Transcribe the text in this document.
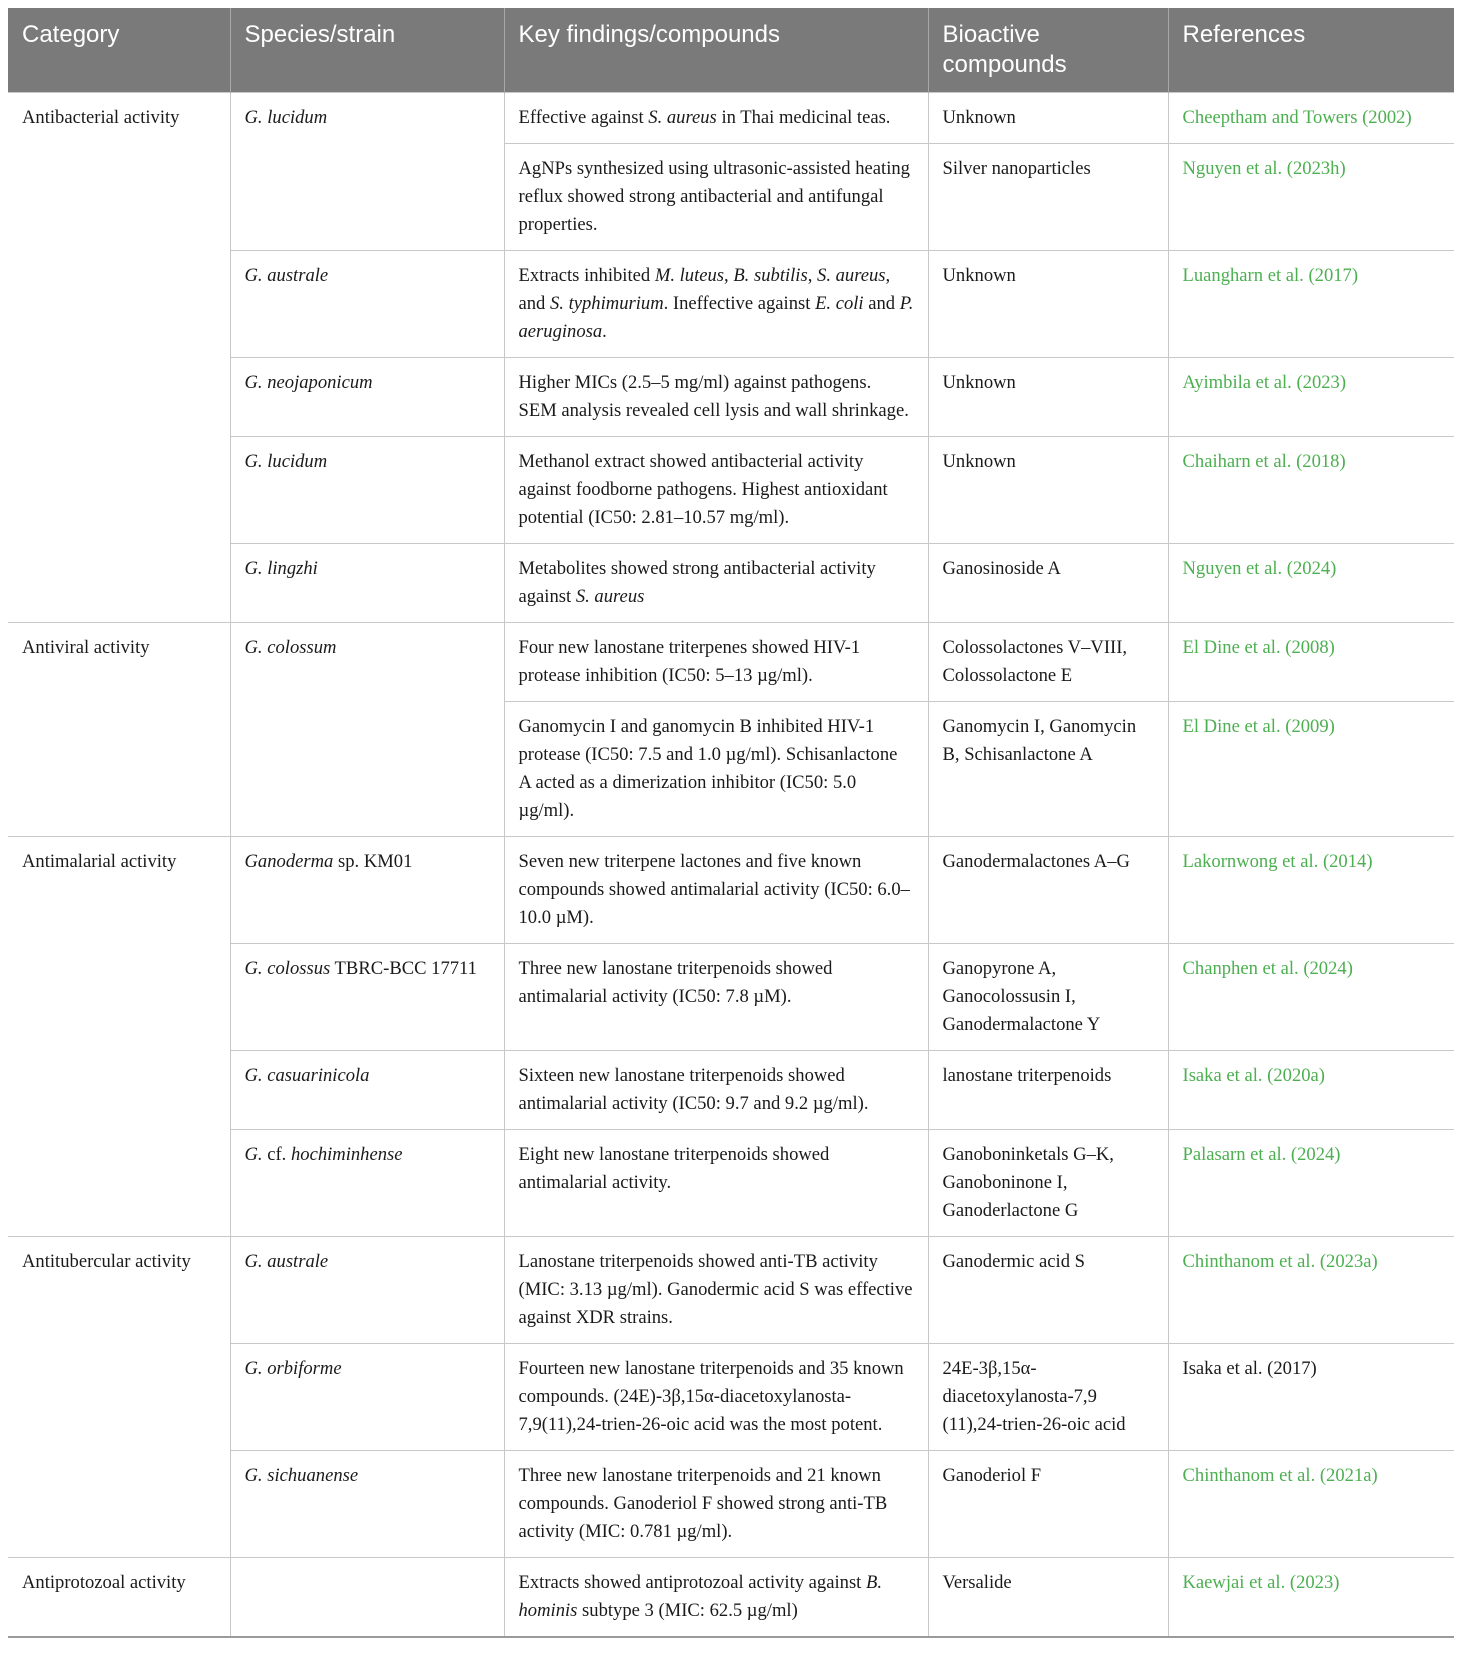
Category	Species/strain	Key findings/compounds	Bioactive compounds	References
Antibacterial activity	G. lucidum	Effective against S. aureus in Thai medicinal teas.	Unknown	Cheeptham and Towers (2002)
		AgNPs synthesized using ultrasonic-assisted heating reflux showed strong antibacterial and antifungal properties.	Silver nanoparticles	Nguyen et al. (2023h)
	G. australe	Extracts inhibited M. luteus, B. subtilis, S. aureus, and S. typhimurium. Ineffective against E. coli and P. aeruginosa.	Unknown	Luangharn et al. (2017)
	G. neojaponicum	Higher MICs (2.5–5 mg/ml) against pathogens. SEM analysis revealed cell lysis and wall shrinkage.	Unknown	Ayimbila et al. (2023)
	G. lucidum	Methanol extract showed antibacterial activity against foodborne pathogens. Highest antioxidant potential (IC50: 2.81–10.57 mg/ml).	Unknown	Chaiharn et al. (2018)
	G. lingzhi	Metabolites showed strong antibacterial activity against S. aureus	Ganosinoside A	Nguyen et al. (2024)
Antiviral activity	G. colossum	Four new lanostane triterpenes showed HIV-1 protease inhibition (IC50: 5–13 µg/ml).	Colossolactones V–VIII, Colossolactone E	El Dine et al. (2008)
		Ganomycin I and ganomycin B inhibited HIV-1 protease (IC50: 7.5 and 1.0 µg/ml). Schisanlactone A acted as a dimerization inhibitor (IC50: 5.0 µg/ml).	Ganomycin I, Ganomycin B, Schisanlactone A	El Dine et al. (2009)
Antimalarial activity	Ganoderma sp. KM01	Seven new triterpene lactones and five known compounds showed antimalarial activity (IC50: 6.0–10.0 µM).	Ganodermalactones A–G	Lakornwong et al. (2014)
	G. colossus TBRC-BCC 17711	Three new lanostane triterpenoids showed antimalarial activity (IC50: 7.8 µM).	Ganopyrone A, Ganocolossusin I, Ganodermalactone Y	Chanphen et al. (2024)
	G. casuarinicola	Sixteen new lanostane triterpenoids showed antimalarial activity (IC50: 9.7 and 9.2 µg/ml).	lanostane triterpenoids	Isaka et al. (2020a)
	G. cf. hochiminhense	Eight new lanostane triterpenoids showed antimalarial activity.	Ganoboninketals G–K, Ganoboninone I, Ganoderlactone G	Palasarn et al. (2024)
Antitubercular activity	G. australe	Lanostane triterpenoids showed anti-TB activity (MIC: 3.13 µg/ml). Ganodermic acid S was effective against XDR strains.	Ganodermic acid S	Chinthanom et al. (2023a)
	G. orbiforme	Fourteen new lanostane triterpenoids and 35 known compounds. (24E)-3β,15α-diacetoxylanosta-7,9(11),24-trien-26-oic acid was the most potent.	24E-3β,15α-diacetoxylanosta-7,9 (11),24-trien-26-oic acid	Isaka et al. (2017)
	G. sichuanense	Three new lanostane triterpenoids and 21 known compounds. Ganoderiol F showed strong anti-TB activity (MIC: 0.781 µg/ml).	Ganoderiol F	Chinthanom et al. (2021a)
Antiprotozoal activity		Extracts showed antiprotozoal activity against B. hominis subtype 3 (MIC: 62.5 µg/ml)	Versalide	Kaewjai et al. (2023)
